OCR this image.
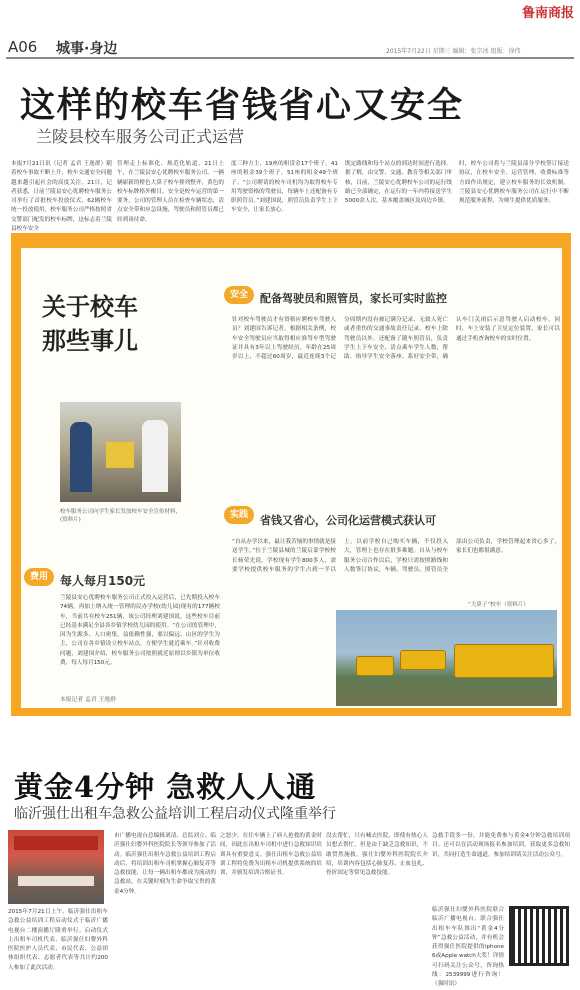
鲁南商报
A06 城事·身边	2015年7月22日 星期三 编辑：张宗冰 组版：徐伟
这样的校车省钱省心又安全
兰陵县校车服务公司正式运营
本报7月21日讯（记者 孟君 王逸群）随着校车事故不断上升，校车交通安全问题越来越引起社会的高度关注。21日，记者获悉，日前兰陵县安心优聘校车服务公司举行了首批校车投放仪式，62辆校车统一投放使用，校车服务公司严格按照省交警部门配发的校车标牌，这标志着兰陵县校车安全
管理走上标准化、规范化轨道。21日上午，在兰陵县安心优聘校车服务公司，一辆辆崭新的橙色大鼻子校车排列整齐，黄色的校车标牌格外醒目。安全是校车运营的第一要务，公司的管理人员在检查车辆状态，清点安全带和应急设施，驾驶员和照管员都已经到岗待命。
度三种方主，19座的租赁金17个班子，41座的租金39个班子，51座的租金49个班子。“公司聘请的校车司机均为取得校车专用驾驶资格的驾驶员，每辆车上还配备有专职照管员。”刘建国说，照管员负责学生上下车安全，让家长放心。
既定路线和每个站点的到达时间进行选择。据了解，由交警、交通、教育等相关部门审核，目前，兰陵安心优聘校车公司的运行线路已全部确定，在运行的一年内将接送学生5000余人次，基本覆盖城区及周边乡镇。
时，校车公司将与兰陵县部分学校签订接送协议，在校车安全、运营管理、收费标准等方面作出规定，建立校车服务的长效机制。兰陵县安心优聘校车服务公司在运行中不断规范服务流程，为师生提供优质服务。
关于校车
那些事儿
校车服务公司向学生家长发放校车安全宣传材料，(资料片)
安全	配备驾驶员和照管员，家长可实时监控
针对校车驾驶员才有资格应聘校车驾驶人员？刘建国告诉记者，根据相关条例，校车安全驾驶员应当取得相应准驾车型驾驶证并具有3年以上驾驶经历，年龄在25周岁以上、不超过60周岁，最近连续3个记分周期内没有被记满分记录，无致人死亡或者重伤的交通事故责任记录。校车上除驾驶员以外，还配备了随车照管员，负责学生上下车安全，清点乘车学生人数，帮助、指导学生安全落座、系好安全带，确认车门关闭后示意驾驶人启动校车。同时，车上安装了卫星定位装置，家长可以通过手机查询校车的实时位置。
费用	每人每月150元
兰陵县安心优聘校车服务公司正式投入运营后，已先期投入校车74辆，再加上纳入统一管理的民办学校(幼儿园)现有的177辆校车，当前共有校车251辆，该公司经理刘建国说，这些校车目前已经基本满足全县各乡镇学校幼儿园的使用。“在公司的管理中，因为生源多、人口密集，益依赖性强，要以偏远、山区的学生为主，公司在各乡镇设立校车站点，方便学生就近乘车。”针对收费问题，刘建国介绍，校车服务公司按照就近原则以乡镇为单位收费，每人每月150元。
本报记者 孟君 王逸群
实践	省钱又省心，公司化运营模式获认可
“自从办学以来，最让我苦恼的事情就是接送学生。”位于兰陵县城的兰陵启蒙学校校长杨荣光说，学校现有学生800多人，需要学校提供校车服务的学生占到一半以上。以前学校自己购买车辆，不仅投入大，管理上也存在很多难题。自从与校车服务公司合作以后，学校只需按照路线和人数签订协议，车辆、驾驶员、照管员全部由公司负责，学校管理起来省心多了，家长们也都很满意。
“大鼻子”校车（资料片）
黄金4分钟 急救人人通
临沂强仕出租车急救公益培训工程启动仪式隆重举行
2015年7月21日上午，临沂强仕出租车急救公益培训工程启动仪式于临沂广播电视台二楼演播厅隆重举行。启动仪式上出租车司机代表、临沂强仕妇婴外科医院医护人员代表、市民代表、公益团体组织代表、志愿者代表等共计约200人参加了此次活动。
市广播电视台总编辑刘清、总监刘立、临沂强仕妇婴外科医院院长等领导参加了活动。临沂强仕出租车急救公益培训工程启动后，将培训出租车司机掌握心肺复苏等急救技能，让每一辆出租车都成为流动的急救站，在关键时刻为生命争取宝贵的黄金4分钟。
之怒少，在往车辆上了病人抢救的黄金时间，因此在出租车司机中进行急救知识培训具有重要意义。强仕出租车急救公益培训工程将免费为出租车司机提供系统的培训，并颁发培训合格证书。
没去帮忙，只有喊去医院，即使有热心人员想去帮忙，但是由于缺乏急救知识，不敢贸然施救。强仕妇婴外科医院院长介绍，培训内容包括心肺复苏、止血包扎、骨折固定等常见急救技能。
急救手段多一份，并能免费参与黄金4分钟急救培训项目。还可以在活动现场报名参加培训，获取更多急救知识，共同打造生命通道。参加培训请关注活动公众号。
临沂强仕妇婴外科医院联合临沂广播电视台，联合强仕出租车车队推出“黄金4分钟”急救公益活动，并有机会获得强仕医院提供的iphone 6或Apple watch大奖！详情可扫码关注公众号，咨询热线：2539999进行咨询！（强时讯）
